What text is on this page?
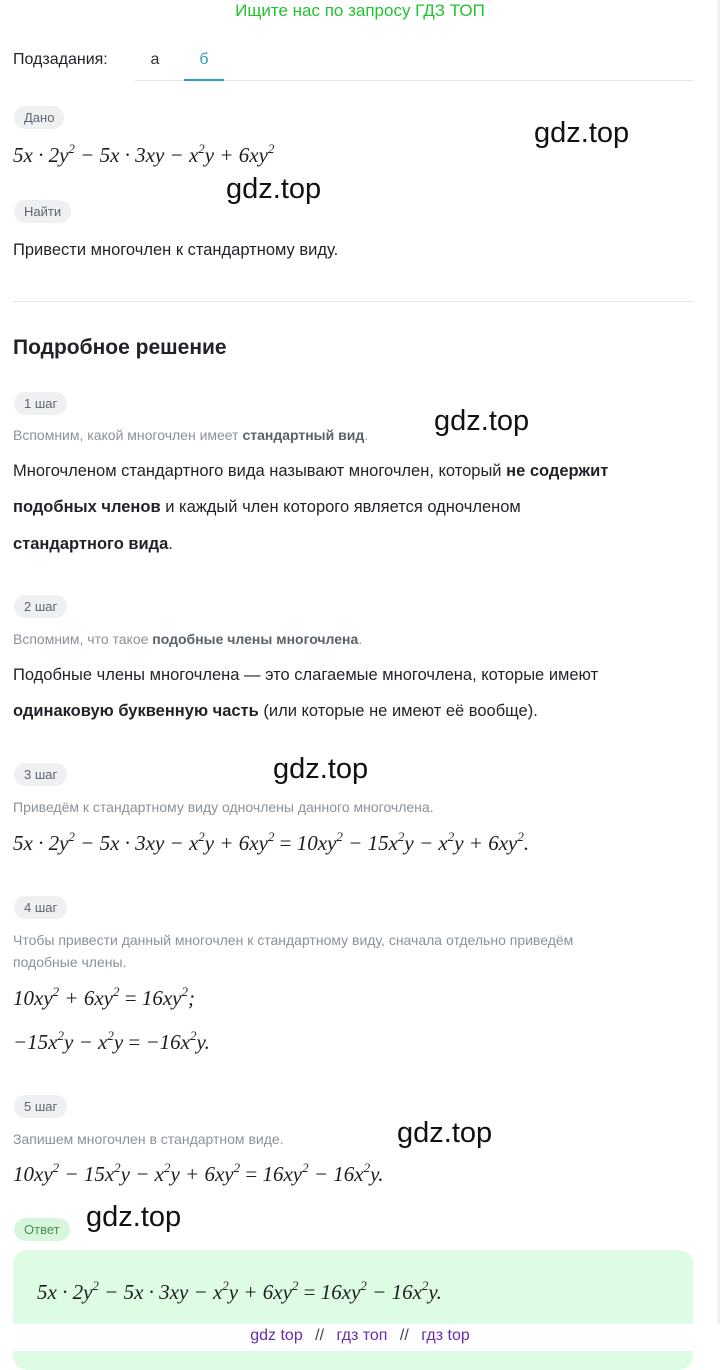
Ищите нас по запросу ГДЗ ТОП
Подзадания:	а	б
Дано
$5x \cdot 2y^2 - 5x \cdot 3xy - x^2y + 6xy^2$
Найти
Привести многочлен к стандартному виду.
Подробное решение
1 шаг
Вспомним, какой многочлен имеет стандартный вид.
Многочленом стандартного вида называют многочлен, который не содержит
подобных членов и каждый член которого является одночленом
стандартного вида.
2 шаг
Вспомним, что такое подобные члены многочлена.
Подобные члены многочлена — это слагаемые многочлена, которые имеют
одинаковую буквенную часть (или которые не имеют её вообще).
3 шаг
Приведём к стандартному виду одночлены данного многочлена.
$5x \cdot 2y^2 - 5x \cdot 3xy - x^2y + 6xy^2 = 10xy^2 - 15x^2y - x^2y + 6xy^2$.
4 шаг
Чтобы привести данный многочлен к стандартному виду, сначала отдельно приведём
подобные члены.
$10xy^2 + 6xy^2 = 16xy^2$;
$-15x^2y - x^2y = -16x^2y$.
5 шаг
Запишем многочлен в стандартном виде.
$10xy^2 - 15x^2y - x^2y + 6xy^2 = 16xy^2 - 16x^2y$.
Ответ
$5x \cdot 2y^2 - 5x \cdot 3xy - x^2y + 6xy^2 = 16xy^2 - 16x^2y$.
gdz.top
gdz.top
gdz.top
gdz.top
gdz.top
gdz.top
gdz top // гдз топ // гдз top
